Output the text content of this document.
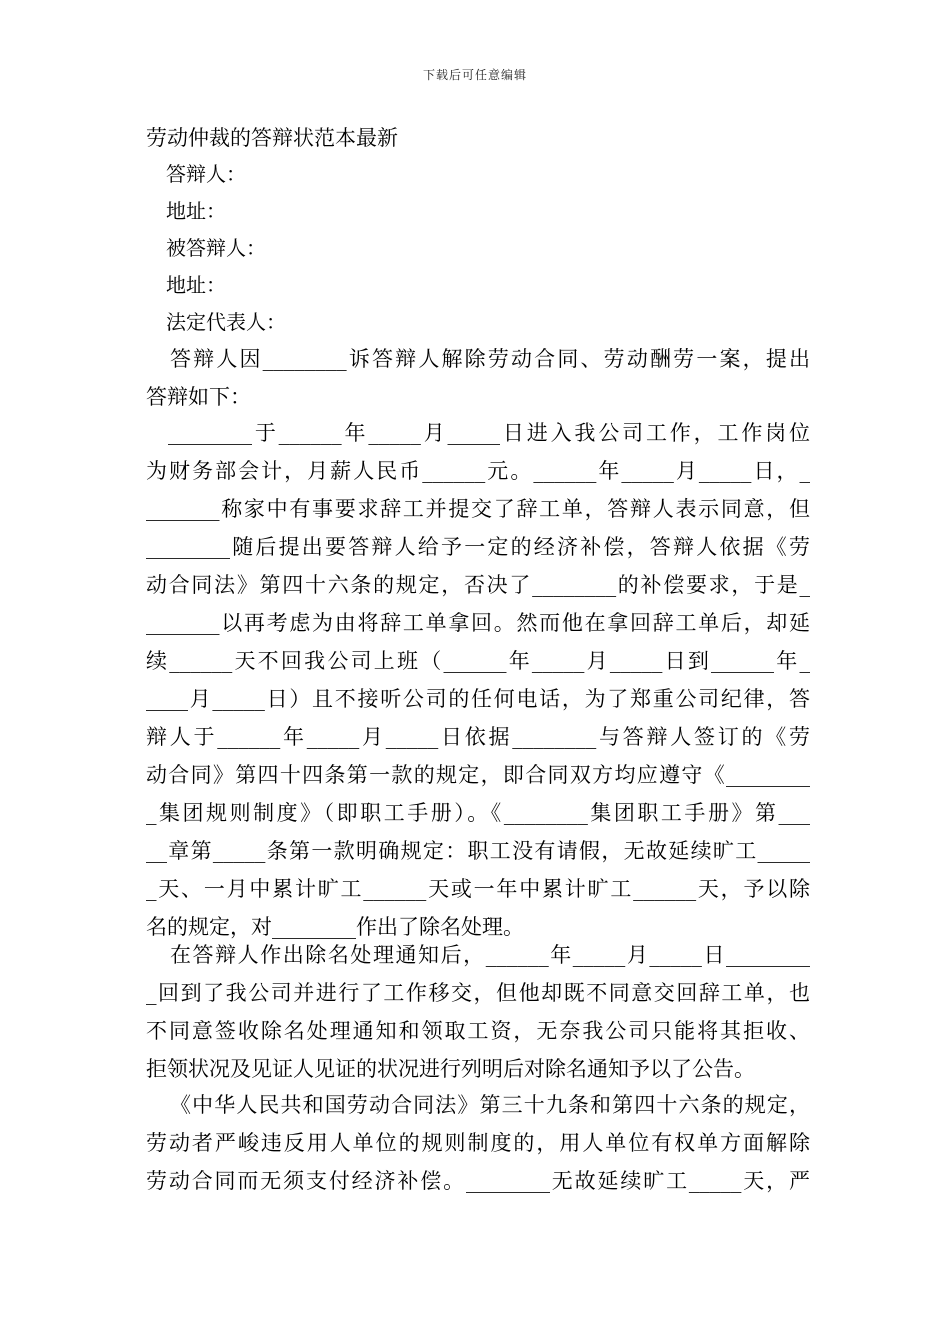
下载后可任意编辑
劳动仲裁的答辩状范本最新
答辩人：
地址：
被答辩人：
地址：
法定代表人：
答辩人因________诉答辩人解除劳动合同、劳动酬劳一案，提出
答辩如下：
________于______年_____月_____日进入我公司工作，工作岗位
为财务部会计，月薪人民币______元。______年_____月_____日，_
_______称家中有事要求辞工并提交了辞工单，答辩人表示同意，但
________随后提出要答辩人给予一定的经济补偿，答辩人依据《劳
动合同法》第四十六条的规定，否决了________的补偿要求，于是_
_______以再考虑为由将辞工单拿回。然而他在拿回辞工单后，却延
续______天不回我公司上班（______年_____月_____日到______年_
____月_____日）且不接听公司的任何电话，为了郑重公司纪律，答
辩人于______年_____月_____日依据________与答辩人签订的《劳
动合同》第四十四条第一款的规定，即合同双方均应遵守《________
_集团规则制度》（即职工手册）。《________集团职工手册》第___
__章第_____条第一款明确规定：职工没有请假，无故延续旷工_____
_天、一月中累计旷工______天或一年中累计旷工______天，予以除
名的规定，对________作出了除名处理。
在答辩人作出除名处理通知后，______年_____月_____日________
_回到了我公司并进行了工作移交，但他却既不同意交回辞工单，也
不同意签收除名处理通知和领取工资，无奈我公司只能将其拒收、
拒领状况及见证人见证的状况进行列明后对除名通知予以了公告。
《中华人民共和国劳动合同法》第三十九条和第四十六条的规定，
劳动者严峻违反用人单位的规则制度的，用人单位有权单方面解除
劳动合同而无须支付经济补偿。________无故延续旷工_____天，严
